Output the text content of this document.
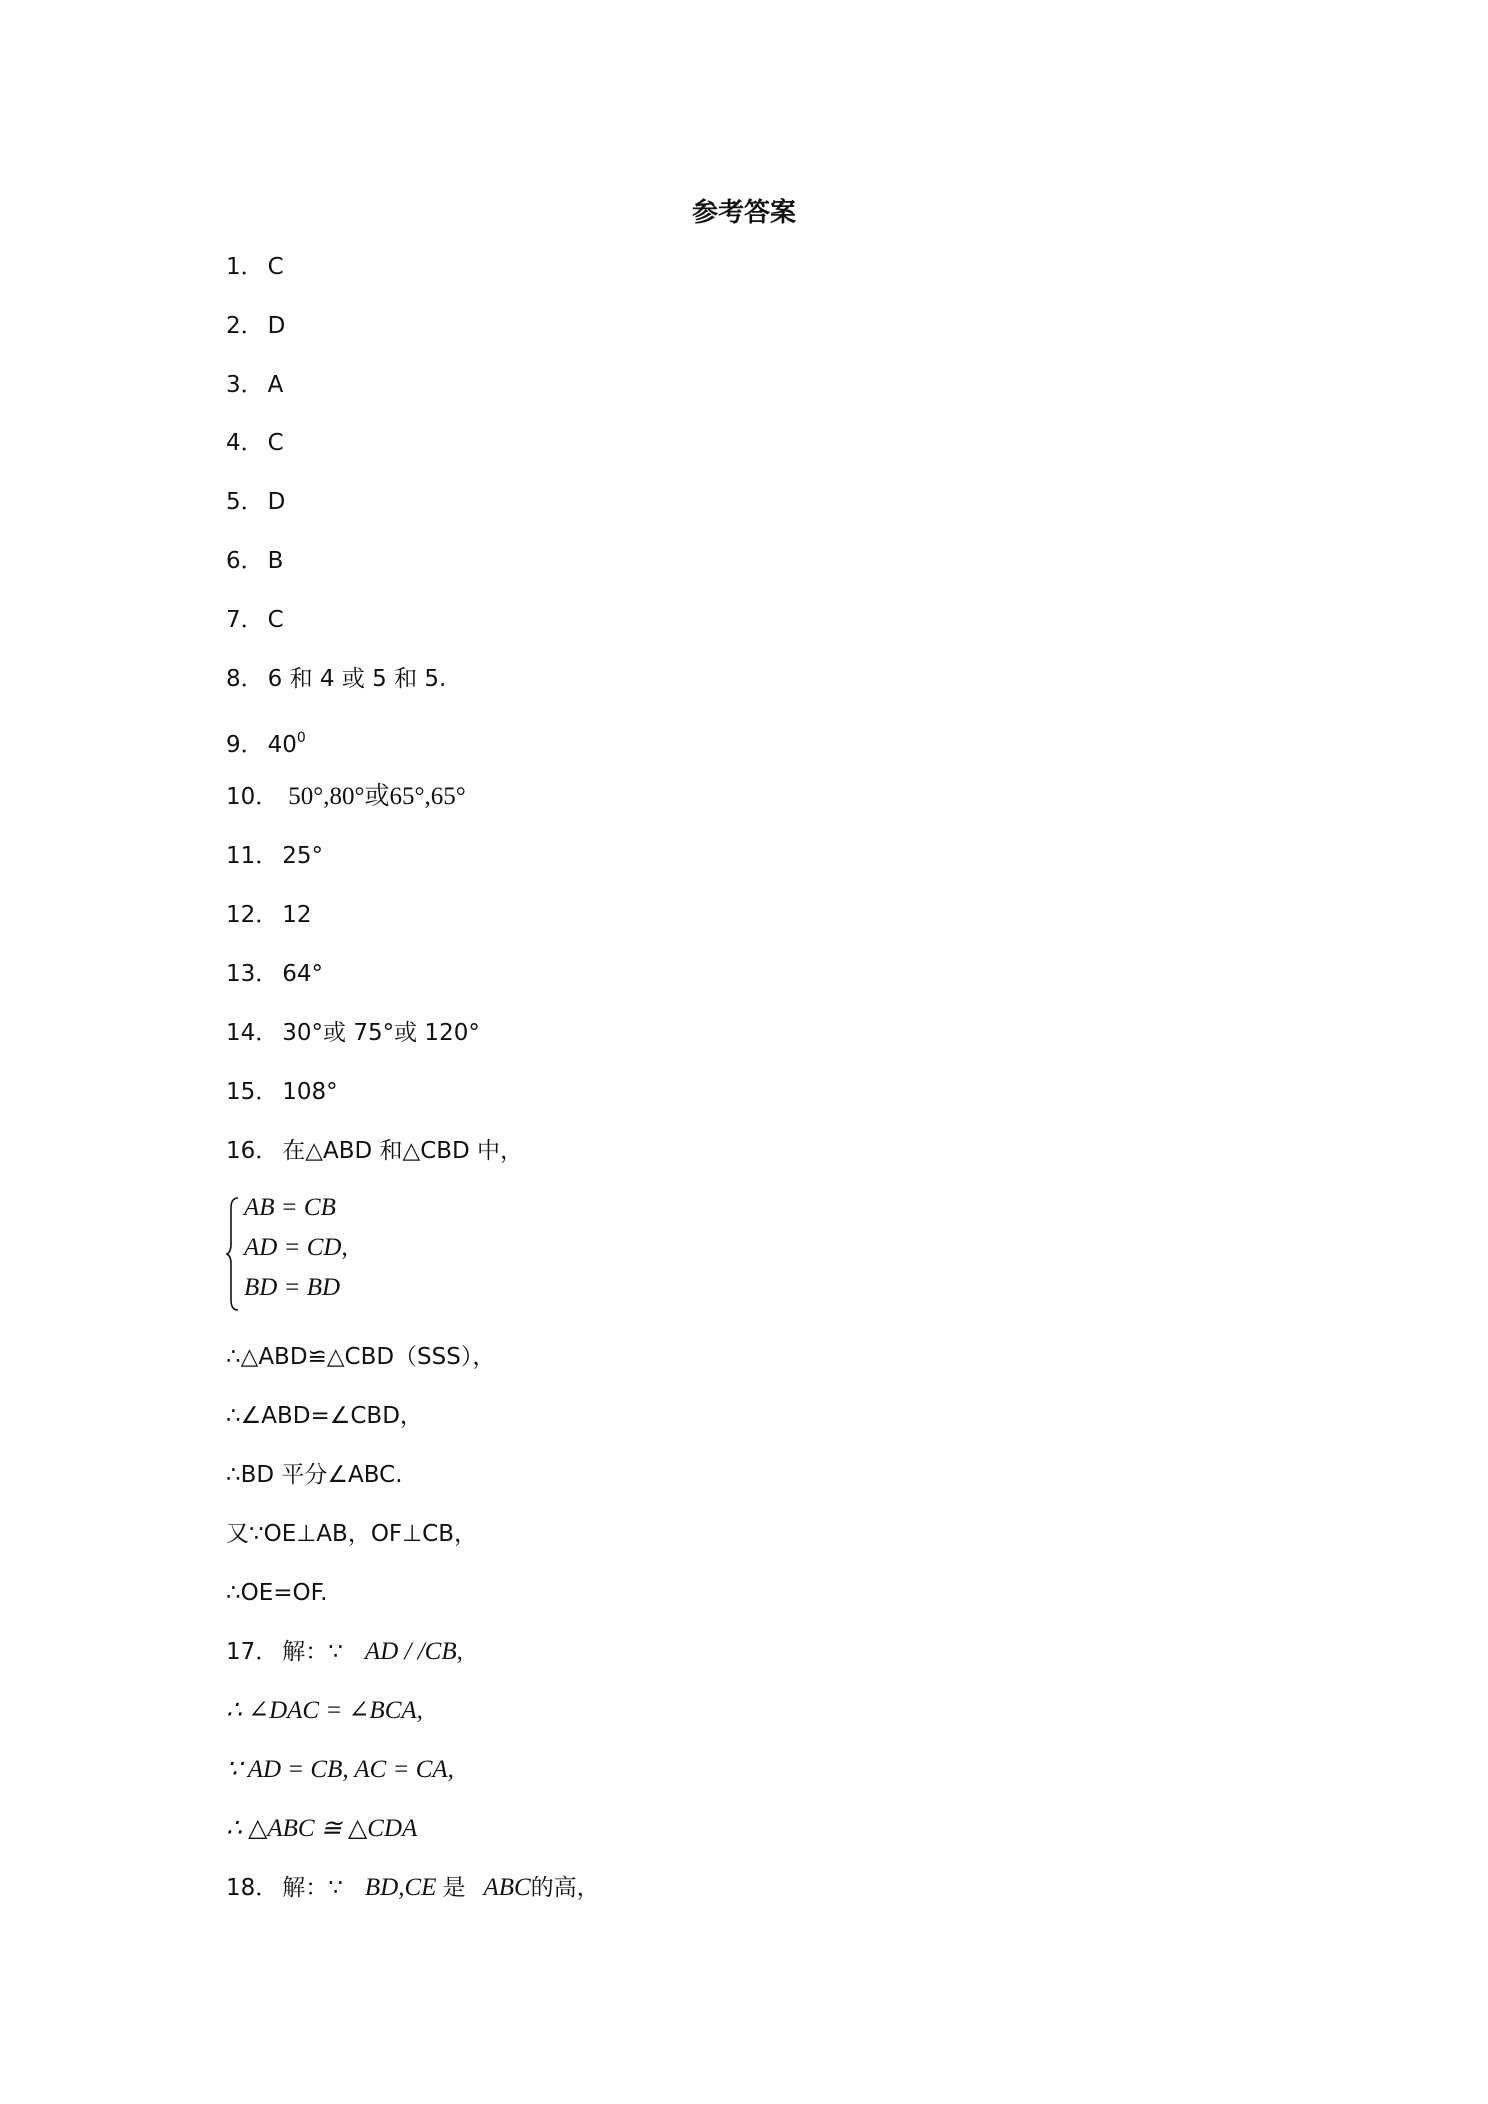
参考答案
1． C
2． D
3． A
4． C
5． D
6． B
7． C
8． 6 和 4 或 5 和 5.
9． $40^0$
10． 50°,80°或65°,65°
11． 25°
12． 12
13． 64°
14． 30°或 75°或 120°
15． 108°
16． 在△ABD 和△CBD 中，
AB = CB
AD = CD,
BD = BD
∴△ABD≌△CBD（SSS），
∴∠ABD=∠CBD，
∴BD 平分∠ABC.
又∵OE⊥AB，OF⊥CB，
∴OE=OF.
17． 解：∵ AD / /CB,
∴ ∠DAC = ∠BCA,
∵ AD = CB, AC = CA,
∴ △ABC ≅ △CDA
18． 解：∵ BD,CE 是 ABC的高，
